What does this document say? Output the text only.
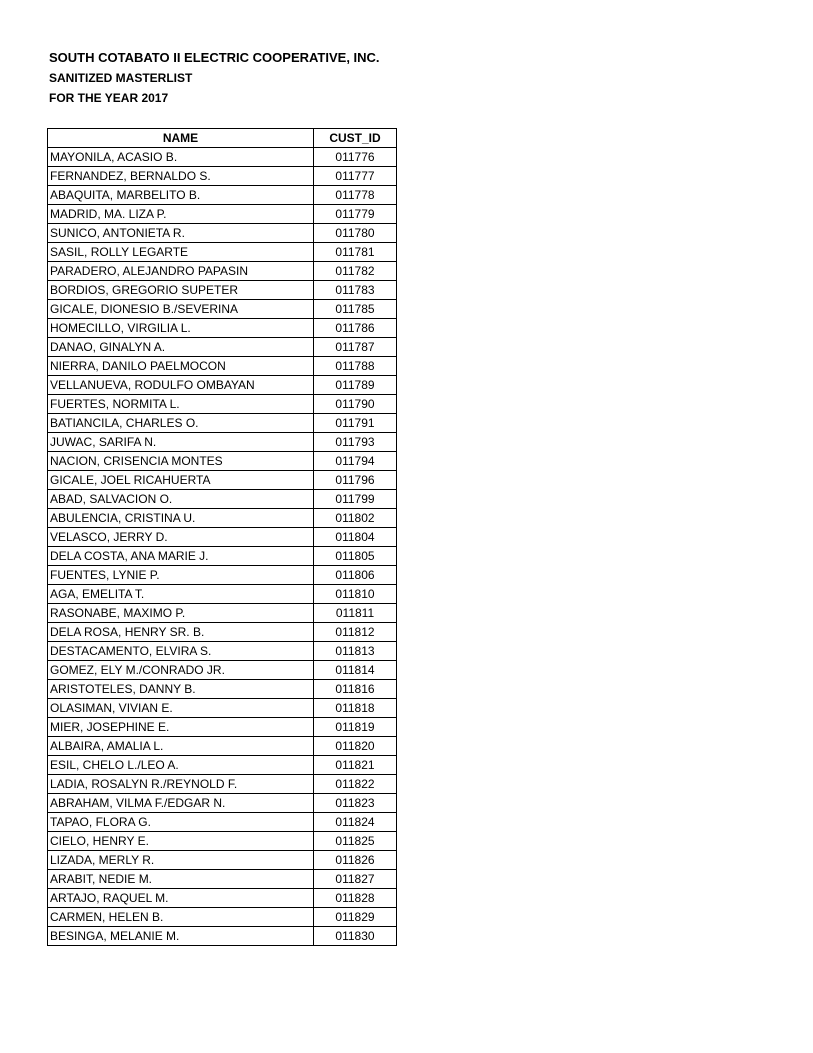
SOUTH COTABATO II ELECTRIC COOPERATIVE, INC.
SANITIZED MASTERLIST
FOR THE YEAR 2017
NAME	CUST_ID
MAYONILA, ACASIO B.	011776
FERNANDEZ, BERNALDO S.	011777
ABAQUITA, MARBELITO B.	011778
MADRID, MA. LIZA P.	011779
SUNICO, ANTONIETA R.	011780
SASIL, ROLLY LEGARTE	011781
PARADERO, ALEJANDRO PAPASIN	011782
BORDIOS, GREGORIO SUPETER	011783
GICALE, DIONESIO B./SEVERINA	011785
HOMECILLO, VIRGILIA L.	011786
DANAO, GINALYN A.	011787
NIERRA, DANILO PAELMOCON	011788
VELLANUEVA, RODULFO OMBAYAN	011789
FUERTES, NORMITA L.	011790
BATIANCILA, CHARLES O.	011791
JUWAC, SARIFA N.	011793
NACION, CRISENCIA MONTES	011794
GICALE, JOEL RICAHUERTA	011796
ABAD, SALVACION O.	011799
ABULENCIA, CRISTINA U.	011802
VELASCO, JERRY D.	011804
DELA COSTA, ANA MARIE J.	011805
FUENTES, LYNIE P.	011806
AGA, EMELITA T.	011810
RASONABE, MAXIMO P.	011811
DELA ROSA, HENRY SR. B.	011812
DESTACAMENTO, ELVIRA S.	011813
GOMEZ, ELY M./CONRADO JR.	011814
ARISTOTELES, DANNY B.	011816
OLASIMAN, VIVIAN E.	011818
MIER, JOSEPHINE E.	011819
ALBAIRA, AMALIA L.	011820
ESIL, CHELO L./LEO A.	011821
LADIA, ROSALYN R./REYNOLD F.	011822
ABRAHAM, VILMA F./EDGAR N.	011823
TAPAO, FLORA G.	011824
CIELO, HENRY E.	011825
LIZADA, MERLY R.	011826
ARABIT, NEDIE M.	011827
ARTAJO, RAQUEL M.	011828
CARMEN, HELEN B.	011829
BESINGA, MELANIE M.	011830
